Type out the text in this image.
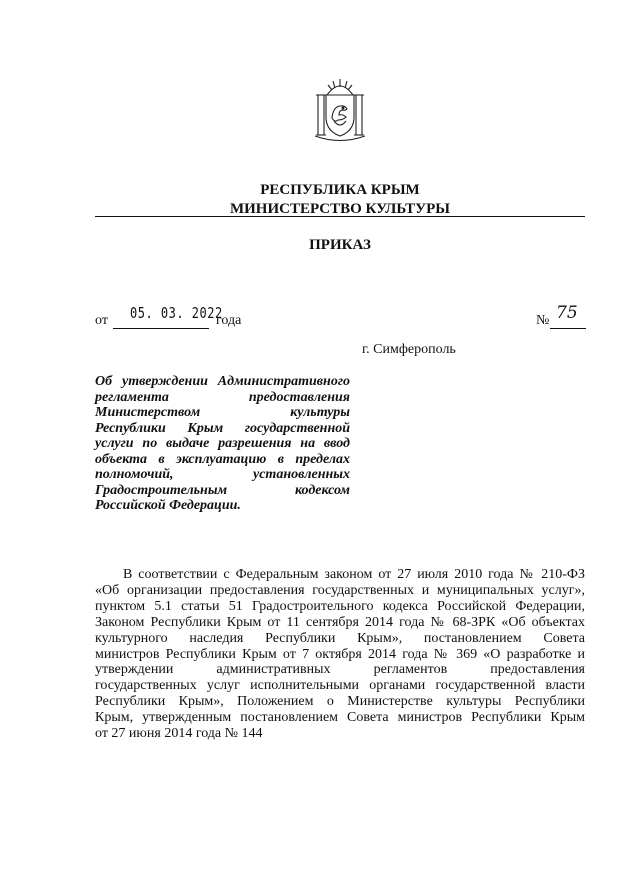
РЕСПУБЛИКА КРЫМ
МИНИСТЕРСТВО КУЛЬТУРЫ
ПРИКАЗ
от 05. 03. 2022
года	№ 75
г. Симферополь
Об утверждении Административного
регламента предоставления
Министерством культуры
Республики Крым государственной
услуги по выдаче разрешения на ввод
объекта в эксплуатацию в пределах
полномочий, установленных
Градостроительным кодексом
Российской Федерации.
В соответствии с Федеральным законом от 27 июля 2010 года № 210-ФЗ
«Об организации предоставления государственных и муниципальных услуг»,
пунктом 5.1 статьи 51 Градостроительного кодекса Российской Федерации,
Законом Республики Крым от 11 сентября 2014 года № 68-ЗРК «Об объектах
культурного наследия Республики Крым», постановлением Совета
министров Республики Крым от 7 октября 2014 года № 369 «О разработке и
утверждении административных регламентов предоставления
государственных услуг исполнительными органами государственной власти
Республики Крым», Положением о Министерстве культуры Республики
Крым, утвержденным постановлением Совета министров Республики Крым
от 27 июня 2014 года № 144
